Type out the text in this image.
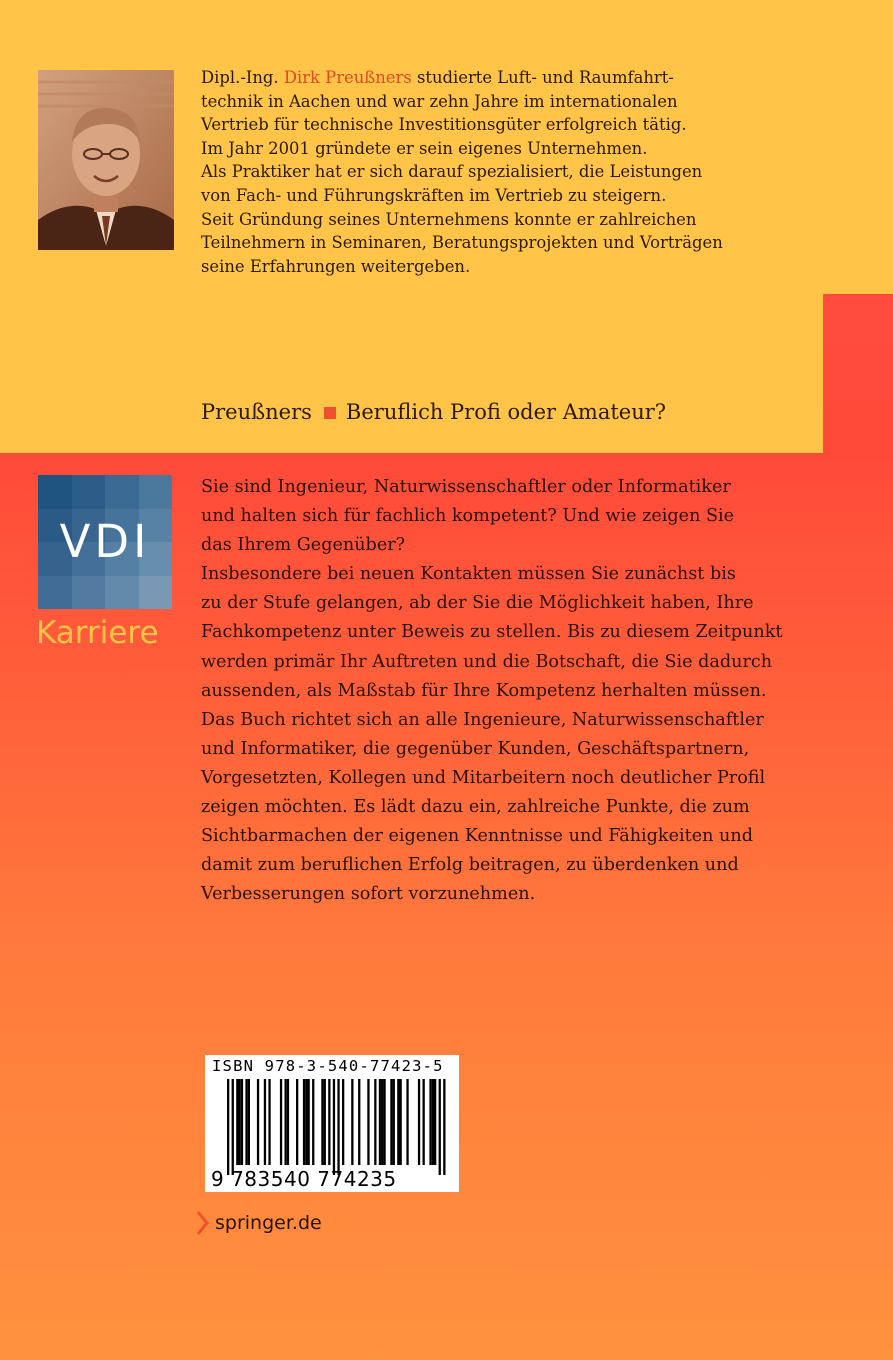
Dipl.-Ing. Dirk Preußners studierte Luft- und Raumfahrt-
technik in Aachen und war zehn Jahre im internationalen
Vertrieb für technische Investitionsgüter erfolgreich tätig.
Im Jahr 2001 gründete er sein eigenes Unternehmen.
Als Praktiker hat er sich darauf spezialisiert, die Leistungen
von Fach- und Führungskräften im Vertrieb zu steigern.
Seit Gründung seines Unternehmens konnte er zahlreichen
Teilnehmern in Seminaren, Beratungsprojekten und Vorträgen
seine Erfahrungen weitergeben.

Preußners Beruflich Profi oder Amateur?
VDI
Karriere

Sie sind Ingenieur, Naturwissenschaftler oder Informatiker
und halten sich für fachlich kompetent? Und wie zeigen Sie
das Ihrem Gegenüber?
Insbesondere bei neuen Kontakten müssen Sie zunächst bis
zu der Stufe gelangen, ab der Sie die Möglichkeit haben, Ihre
Fachkompetenz unter Beweis zu stellen. Bis zu diesem Zeitpunkt
werden primär Ihr Auftreten und die Botschaft, die Sie dadurch
aussenden, als Maßstab für Ihre Kompetenz herhalten müssen.
Das Buch richtet sich an alle Ingenieure, Naturwissenschaftler
und Informatiker, die gegenüber Kunden, Geschäftspartnern,
Vorgesetzten, Kollegen und Mitarbeitern noch deutlicher Profil
zeigen möchten. Es lädt dazu ein, zahlreiche Punkte, die zum
Sichtbarmachen der eigenen Kenntnisse und Fähigkeiten und
damit zum beruflichen Erfolg beitragen, zu überdenken und
Verbesserungen sofort vorzunehmen.

ISBN 978-3-540-77423-5
9 783540 774235
springer.de
